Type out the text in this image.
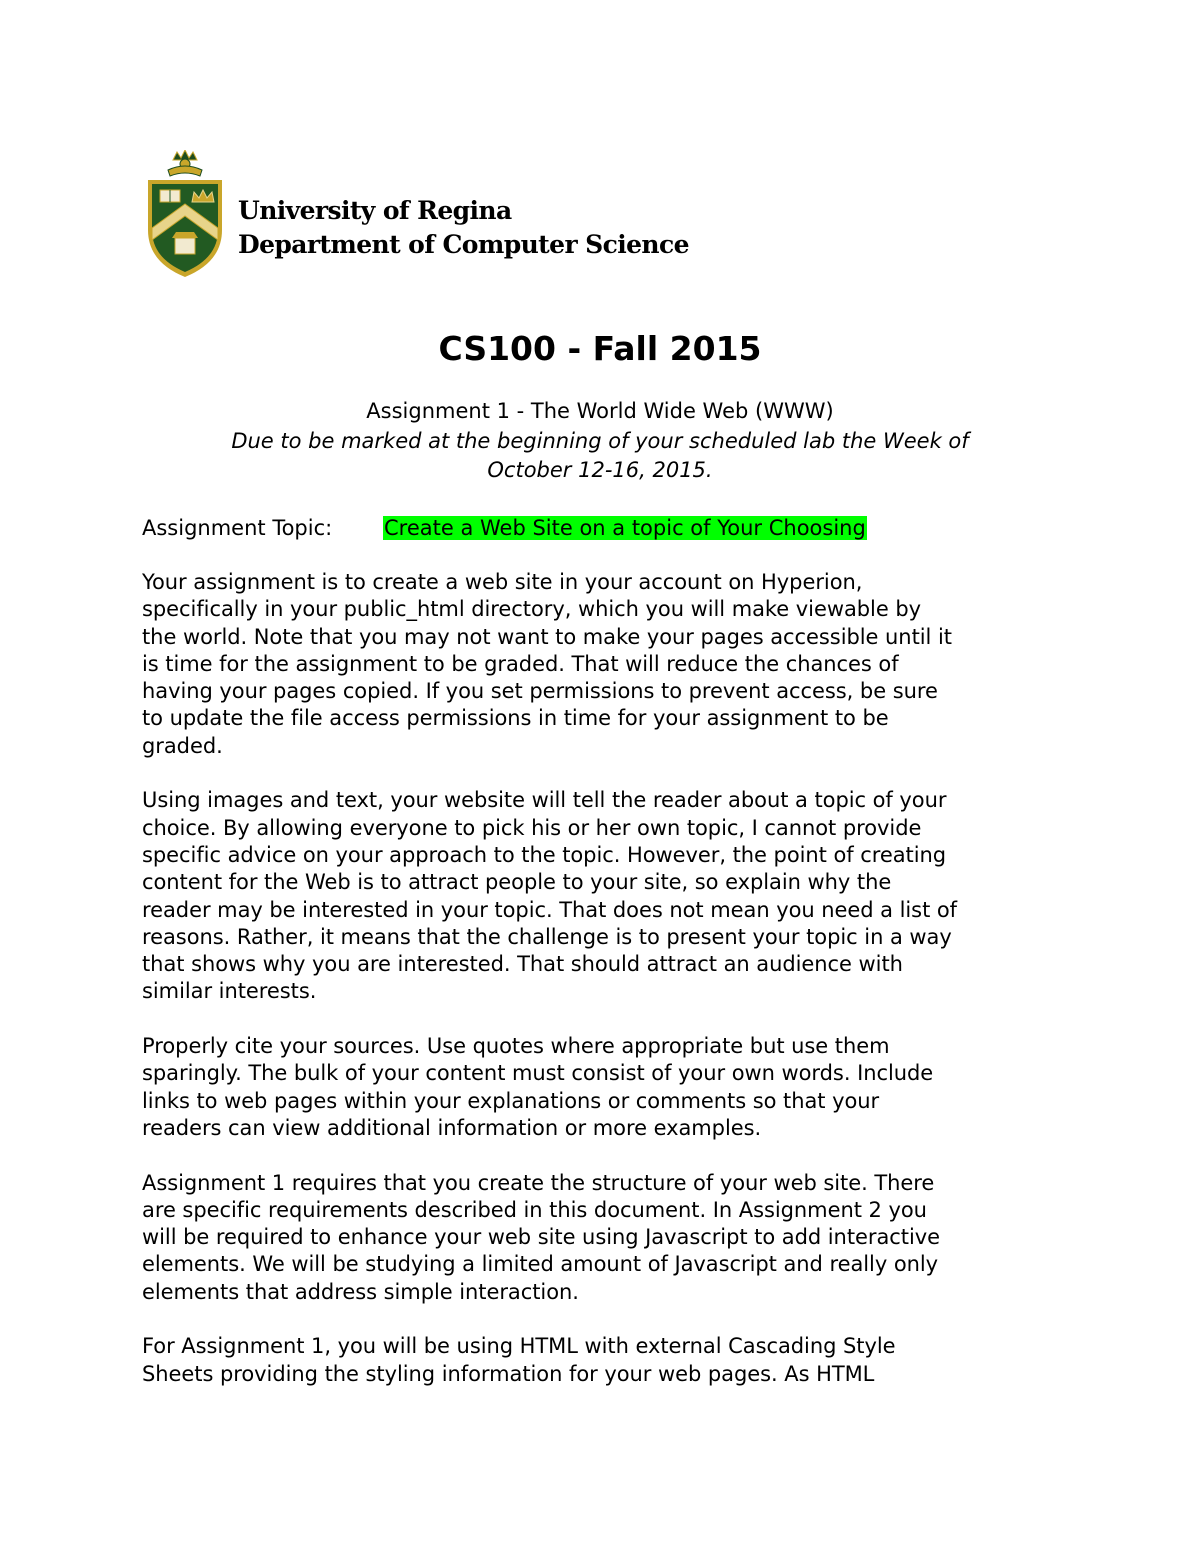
University of Regina
Department of Computer Science
CS100 - Fall 2015
Assignment 1 - The World Wide Web (WWW)
Due to be marked at the beginning of your scheduled lab the Week of
October 12-16, 2015.
Assignment Topic: Create a Web Site on a topic of Your Choosing
Your assignment is to create a web site in your account on Hyperion,
specifically in your public_html directory, which you will make viewable by
the world. Note that you may not want to make your pages accessible until it
is time for the assignment to be graded. That will reduce the chances of
having your pages copied. If you set permissions to prevent access, be sure
to update the file access permissions in time for your assignment to be
graded.
Using images and text, your website will tell the reader about a topic of your
choice. By allowing everyone to pick his or her own topic, I cannot provide
specific advice on your approach to the topic. However, the point of creating
content for the Web is to attract people to your site, so explain why the
reader may be interested in your topic. That does not mean you need a list of
reasons. Rather, it means that the challenge is to present your topic in a way
that shows why you are interested. That should attract an audience with
similar interests.
Properly cite your sources. Use quotes where appropriate but use them
sparingly. The bulk of your content must consist of your own words. Include
links to web pages within your explanations or comments so that your
readers can view additional information or more examples.
Assignment 1 requires that you create the structure of your web site. There
are specific requirements described in this document. In Assignment 2 you
will be required to enhance your web site using Javascript to add interactive
elements. We will be studying a limited amount of Javascript and really only
elements that address simple interaction.
For Assignment 1, you will be using HTML with external Cascading Style
Sheets providing the styling information for your web pages. As HTML
